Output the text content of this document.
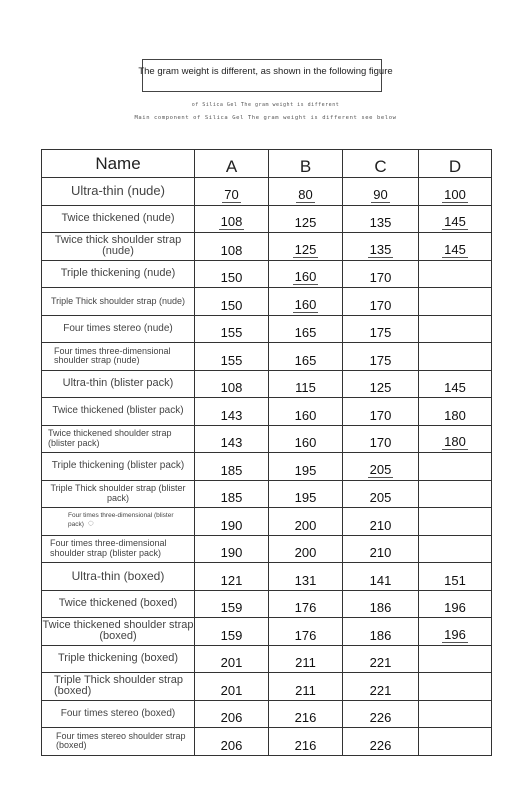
The gram weight is different, as shown in the following figure
of Silica Gel The gram weight is different
Main component of Silica Gel The gram weight is different see below
Name	A	B	C	D
Ultra-thin (nude)	70	80	90	100
Twice thickened (nude)	108	125	135	145
Twice thick shoulder strap (nude)	108	125	135	145
Triple thickening (nude)	150	160	170	
Triple Thick shoulder strap (nude)	150	160	170	
Four times stereo (nude)	155	165	175	
Four times three-dimensional shoulder strap (nude)	155	165	175	
Ultra-thin (blister pack)	108	115	125	145
Twice thickened (blister pack)	143	160	170	180
Twice thickened shoulder strap (blister pack)	143	160	170	180
Triple thickening (blister pack)	185	195	205	
Triple Thick shoulder strap (blister pack)	185	195	205	
Four times three-dimensional (blister pack) ◌	190	200	210	
Four times three-dimensional shoulder strap (blister pack)	190	200	210	
Ultra-thin (boxed)	121	131	141	151
Twice thickened (boxed)	159	176	186	196
Twice thickened shoulder strap (boxed)	159	176	186	196
Triple thickening (boxed)	201	211	221	
Triple Thick shoulder strap (boxed)	201	211	221	
Four times stereo (boxed)	206	216	226	
Four times stereo shoulder strap (boxed)	206	216	226	
